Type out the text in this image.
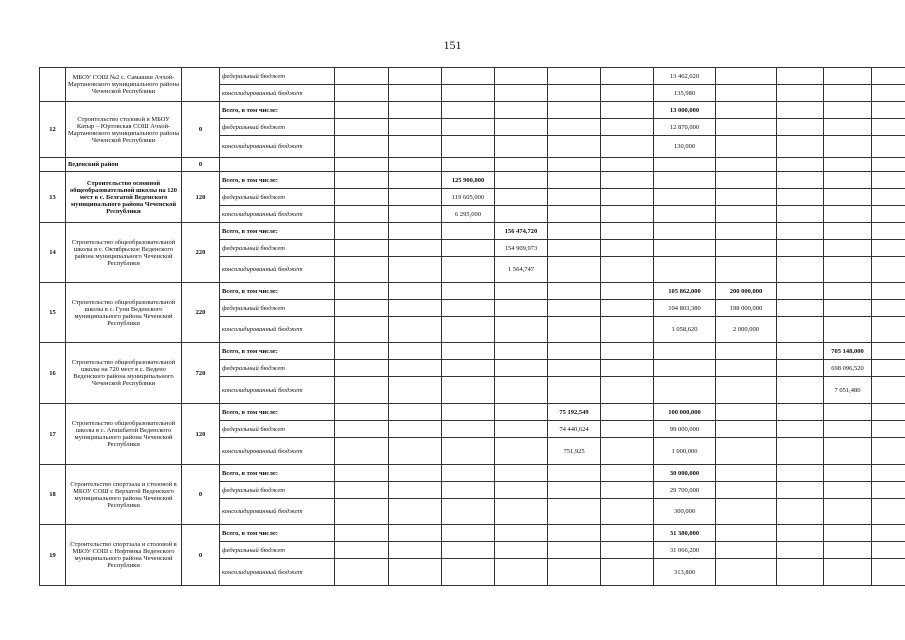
151
	МБОУ СОШ №2 с. Самашки Ачхой-Мартановского муниципального района Чеченской Республики		федеральный бюджет							13 462,020				
			консолидированный бюджет							135,980				
12	Строительство столовой в МБОУ Катыр – Юртовская СОШ Ачхой-Мартановского муниципального района Чеченской Республики	0	Всего, в том числе:							13 000,000				
			федеральный бюджет							12 870,000				
			консолидированный бюджет							130,000				
	Веденский район	0												
13	Строительство основной общеобразовательной школы на 120 мест в с. Белгатой Веденского муниципального района Чеченской Республики	120	Всего, в том числе:			125 900,000								
			федеральный бюджет			119 605,000								
			консолидированный бюджет			6 295,000								
14	Строительство общеобразовательной школы в с. Октябрьское Веденского района муниципального Чеченской Республики	220	Всего, в том числе:				156 474,720							
			федеральный бюджет				154 909,973							
			консолидированный бюджет				1 564,747							
15	Строительство общеобразовательной школы в с. Гуни Веденского муниципального района Чеченской Республики	220	Всего, в том числе:							105 862,000	200 000,000			
			федеральный бюджет							104 803,380	198 000,000			
			консолидированный бюджет							1 058,620	2 000,000			
16	Строительство общеобразовательной школы на 720 мест в с. Ведено Веденского района муниципального Чеченской Республики	720	Всего, в том числе:										705 148,000	
			федеральный бюджет										698 096,520	
			консолидированный бюджет										7 051,480	
17	Строительство общеобразовательной школы в с. Агишбатой Веденского муниципального района Чеченской Республики	120	Всего, в том числе:					75 192,549		100 000,000				
			федеральный бюджет					74 440,624		99 000,000				
			консолидированный бюджет					751,925		1 000,000				
18	Строительство спортзала и столовой в МБОУ СОШ с Верхатой Веденского муниципального района Чеченской Республики	0	Всего, в том числе:							30 000,000				
			федеральный бюджет							29 700,000				
			консолидированный бюджет							300,000				
19	Строительство спортзала и столовой в МБОУ СОШ с Нефтянка Веденского муниципального района Чеченской Республики	0	Всего, в том числе:							31 380,000				
			федеральный бюджет							31 066,200				
			консолидированный бюджет							313,800				
